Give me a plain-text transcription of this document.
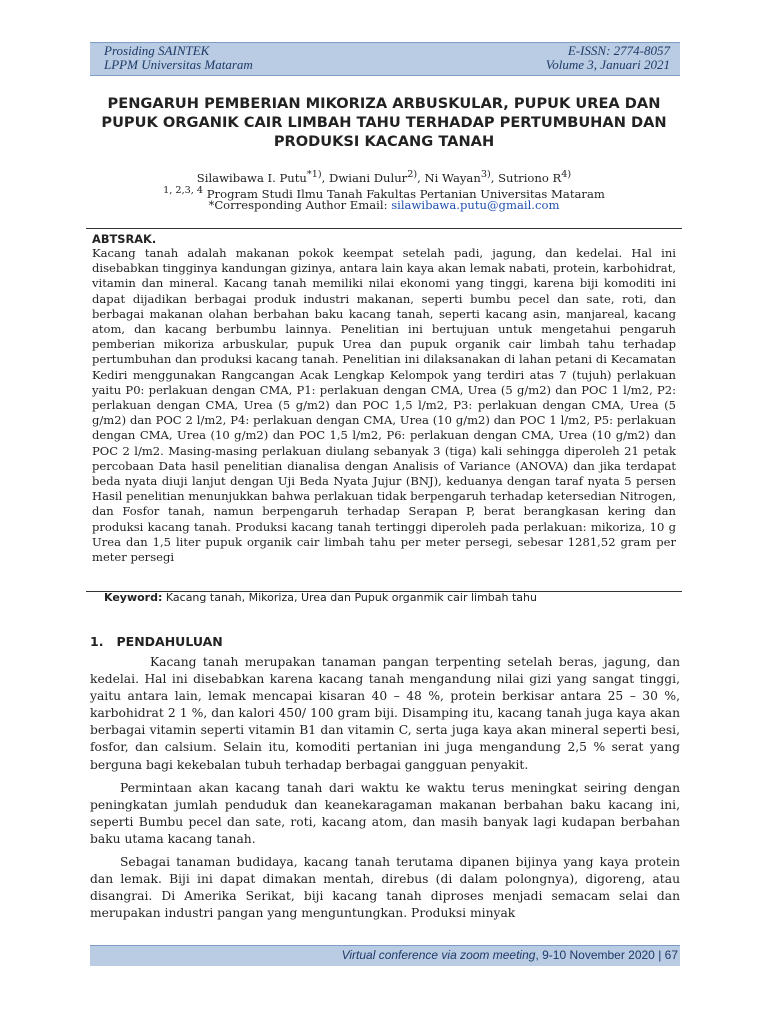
Prosiding SAINTEK
LPPM Universitas Mataram
E-ISSN: 2774-8057
Volume 3, Januari 2021
PENGARUH PEMBERIAN MIKORIZA ARBUSKULAR, PUPUK UREA DAN PUPUK ORGANIK CAIR LIMBAH TAHU TERHADAP PERTUMBUHAN DAN PRODUKSI KACANG TANAH
Silawibawa I. Putu$^{*1)}$, Dwiani Dulur$^{2)}$, Ni Wayan$^{3)}$, Sutriono $R^{4)}$
$^{1, 2,3, 4}$ Program Studi Ilmu Tanah Fakultas Pertanian Universitas Mataram
*Corresponding Author Email: silawibawa.putu@gmail.com
ABTSRAK.
Kacang tanah adalah makanan pokok keempat setelah padi, jagung, dan kedelai. Hal ini disebabkan tingginya kandungan gizinya, antara lain kaya akan lemak nabati, protein, karbohidrat, vitamin dan mineral. Kacang tanah memiliki nilai ekonomi yang tinggi, karena biji komoditi ini dapat dijadikan berbagai produk industri makanan, seperti bumbu pecel dan sate, roti, dan berbagai makanan olahan berbahan baku kacang tanah, seperti kacang asin, manjareal, kacang atom, dan kacang berbumbu lainnya. Penelitian ini bertujuan untuk mengetahui pengaruh pemberian mikoriza arbuskular, pupuk Urea dan pupuk organik cair limbah tahu terhadap pertumbuhan dan produksi kacang tanah. Penelitian ini dilaksanakan di lahan petani di Kecamatan Kediri menggunakan Rangcangan Acak Lengkap Kelompok yang terdiri atas 7 (tujuh) perlakuan yaitu P0: perlakuan dengan CMA, P1: perlakuan dengan CMA, Urea (5 g/m2) dan POC 1 l/m2, P2: perlakuan dengan CMA, Urea (5 g/m2) dan POC 1,5 l/m2, P3: perlakuan dengan CMA, Urea (5 g/m2) dan POC 2 l/m2, P4: perlakuan dengan CMA, Urea (10 g/m2) dan POC 1 l/m2, P5: perlakuan dengan CMA, Urea (10 g/m2) dan POC 1,5 l/m2, P6: perlakuan dengan CMA, Urea (10 g/m2) dan POC 2 l/m2. Masing-masing perlakuan diulang sebanyak 3 (tiga) kali sehingga diperoleh 21 petak percobaan Data hasil penelitian dianalisa dengan Analisis of Variance (ANOVA) dan jika terdapat beda nyata diuji lanjut dengan Uji Beda Nyata Jujur (BNJ), keduanya dengan taraf nyata 5 persen Hasil penelitian menunjukkan bahwa perlakuan tidak berpengaruh terhadap ketersedian Nitrogen, dan Fosfor tanah, namun berpengaruh terhadap Serapan P, berat berangkasan kering dan produksi kacang tanah. Produksi kacang tanah tertinggi diperoleh pada perlakuan: mikoriza, 10 g Urea dan 1,5 liter pupuk organik cair limbah tahu per meter persegi, sebesar 1281,52 gram per meter persegi
Keyword: Kacang tanah, Mikoriza, Urea dan Pupuk organmik cair limbah tahu
1.   PENDAHULUAN

Kacang tanah merupakan tanaman pangan terpenting setelah beras, jagung, dan kedelai. Hal ini disebabkan karena kacang tanah mengandung nilai gizi yang sangat tinggi, yaitu antara lain, lemak mencapai kisaran 40 – 48 %, protein berkisar antara 25 – 30 %, karbohidrat 2 1 %, dan kalori 450/ 100 gram biji. Disamping itu, kacang tanah juga kaya akan berbagai vitamin seperti vitamin B1 dan vitamin C, serta juga kaya akan mineral seperti besi, fosfor, dan calsium. Selain itu, komoditi pertanian ini juga mengandung 2,5 % serat yang berguna bagi kekebalan tubuh terhadap berbagai gangguan penyakit.

Permintaan akan kacang tanah dari waktu ke waktu terus meningkat seiring dengan peningkatan jumlah penduduk dan keanekaragaman makanan berbahan baku kacang ini, seperti Bumbu pecel dan sate, roti, kacang atom, dan masih banyak lagi kudapan berbahan baku utama kacang tanah.

Sebagai tanaman budidaya, kacang tanah terutama dipanen bijinya yang kaya protein dan lemak. Biji ini dapat dimakan mentah, direbus (di dalam polongnya), digoreng, atau disangrai. Di Amerika Serikat, biji kacang tanah diproses menjadi semacam selai dan merupakan industri pangan yang menguntungkan. Produksi minyak

Virtual conference via zoom meeting, 9-10 November 2020 | 67
